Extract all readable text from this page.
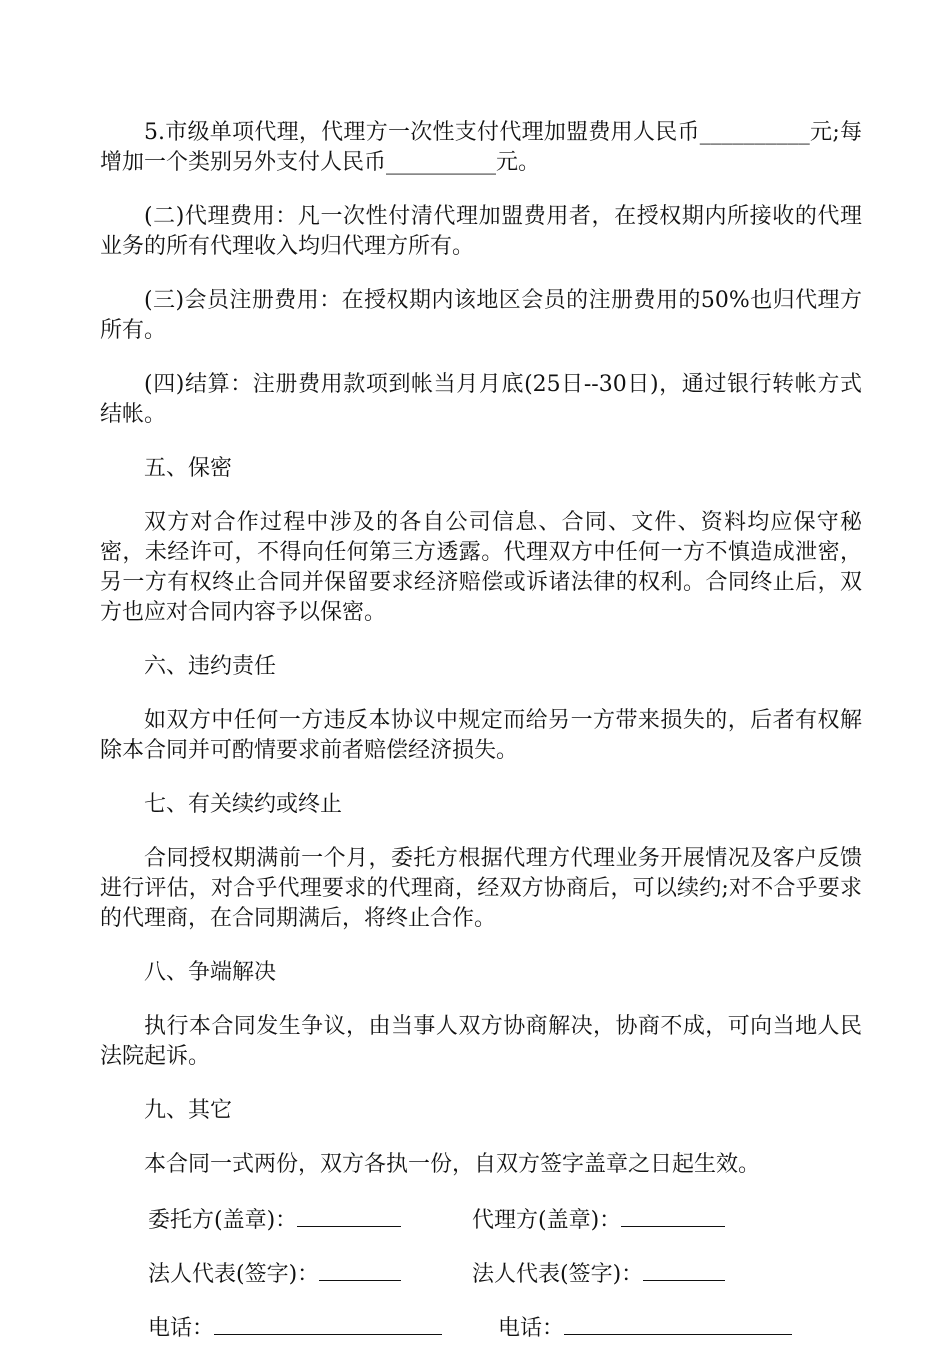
5.市级单项代理，代理方一次性支付代理加盟费用人民币__________元;每增加一个类别另外支付人民币__________元。

(二)代理费用：凡一次性付清代理加盟费用者，在授权期内所接收的代理业务的所有代理收入均归代理方所有。

(三)会员注册费用：在授权期内该地区会员的注册费用的50%也归代理方所有。

(四)结算：注册费用款项到帐当月月底(25日--30日)，通过银行转帐方式结帐。

五、保密

双方对合作过程中涉及的各自公司信息、合同、文件、资料均应保守秘密，未经许可，不得向任何第三方透露。代理双方中任何一方不慎造成泄密，另一方有权终止合同并保留要求经济赔偿或诉诸法律的权利。合同终止后，双方也应对合同内容予以保密。

六、违约责任

如双方中任何一方违反本协议中规定而给另一方带来损失的，后者有权解除本合同并可酌情要求前者赔偿经济损失。

七、有关续约或终止

合同授权期满前一个月，委托方根据代理方代理业务开展情况及客户反馈进行评估，对合乎代理要求的代理商，经双方协商后，可以续约;对不合乎要求的代理商，在合同期满后，将终止合作。

八、争端解决

执行本合同发生争议，由当事人双方协商解决，协商不成，可向当地人民法院起诉。

九、其它

本合同一式两份，双方各执一份，自双方签字盖章之日起生效。

委托方(盖章)：	代理方(盖章)：
法人代表(签字)：	法人代表(签字)：
电话：	电话：
